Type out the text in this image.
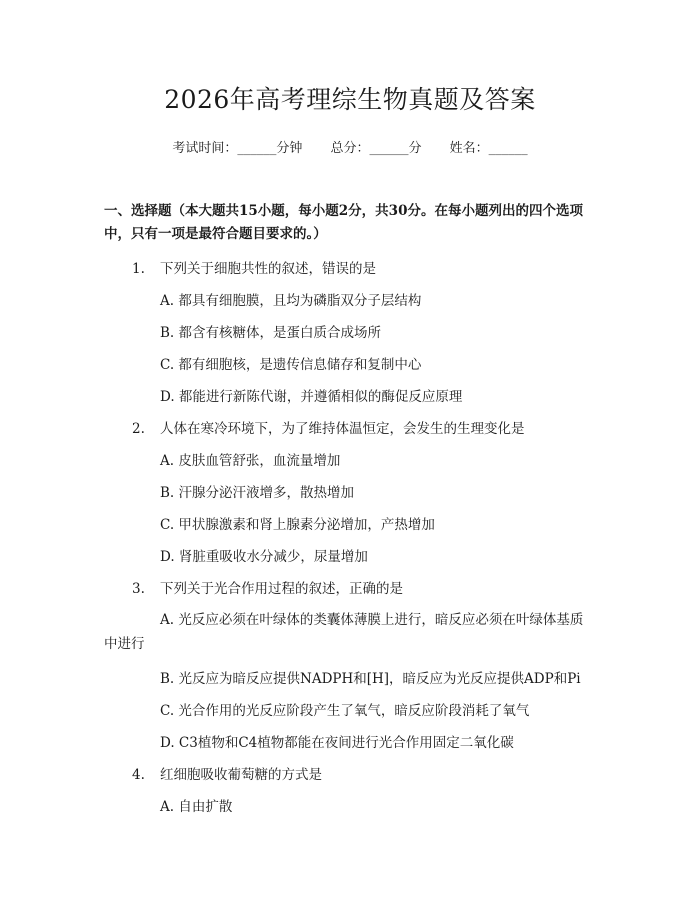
2026年高考理综生物真题及答案
考试时间：______分钟 总分：______分 姓名：______
一、选择题（本大题共15小题，每小题2分，共30分。在每小题列出的四个选项中，只有一项是最符合题目要求的。）
1. 下列关于细胞共性的叙述，错误的是
A. 都具有细胞膜，且均为磷脂双分子层结构
B. 都含有核糖体，是蛋白质合成场所
C. 都有细胞核，是遗传信息储存和复制中心
D. 都能进行新陈代谢，并遵循相似的酶促反应原理
2. 人体在寒冷环境下，为了维持体温恒定，会发生的生理变化是
A. 皮肤血管舒张，血流量增加
B. 汗腺分泌汗液增多，散热增加
C. 甲状腺激素和肾上腺素分泌增加，产热增加
D. 肾脏重吸收水分减少，尿量增加
3. 下列关于光合作用过程的叙述，正确的是
A. 光反应必须在叶绿体的类囊体薄膜上进行，暗反应必须在叶绿体基质中进行
B. 光反应为暗反应提供NADPH和[H]，暗反应为光反应提供ADP和Pi
C. 光合作用的光反应阶段产生了氧气，暗反应阶段消耗了氧气
D. C3植物和C4植物都能在夜间进行光合作用固定二氧化碳
4. 红细胞吸收葡萄糖的方式是
A. 自由扩散
